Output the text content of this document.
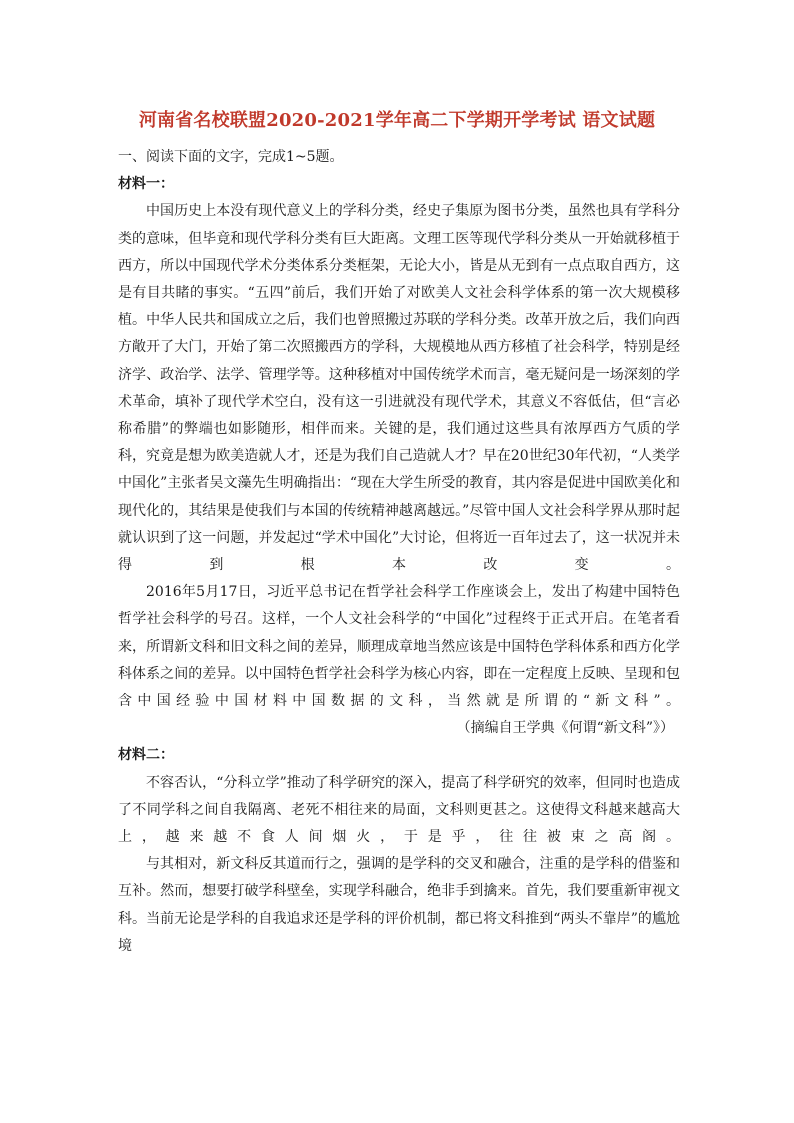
河南省名校联盟2020-2021学年高二下学期开学考试 语文试题

一、阅读下面的文字，完成1~5题。

材料一：

中国历史上本没有现代意义上的学科分类，经史子集原为图书分类，虽然也具有学科分类的意味，但毕竟和现代学科分类有巨大距离。文理工医等现代学科分类从一开始就移植于西方，所以中国现代学术分类体系分类框架，无论大小，皆是从无到有一点点取自西方，这是有目共睹的事实。“五四”前后，我们开始了对欧美人文社会科学体系的第一次大规模移植。中华人民共和国成立之后，我们也曾照搬过苏联的学科分类。改革开放之后，我们向西方敞开了大门，开始了第二次照搬西方的学科，大规模地从西方移植了社会科学，特别是经济学、政治学、法学、管理学等。这种移植对中国传统学术而言，毫无疑问是一场深刻的学术革命，填补了现代学术空白，没有这一引进就没有现代学术，其意义不容低估，但“言必称希腊”的弊端也如影随形，相伴而来。关键的是，我们通过这些具有浓厚西方气质的学科，究竟是想为欧美造就人才，还是为我们自己造就人才？早在20世纪30年代初，“人类学中国化”主张者吴文藻先生明确指出：“现在大学生所受的教育，其内容是促进中国欧美化和现代化的，其结果是使我们与本国的传统精神越离越远。”尽管中国人文社会科学界从那时起就认识到了这一问题，并发起过“学术中国化”大讨论，但将近一百年过去了，这一状况并未得到根本改变。

2016年5月17日，习近平总书记在哲学社会科学工作座谈会上，发出了构建中国特色哲学社会科学的号召。这样，一个人文社会科学的“中国化”过程终于正式开启。在笔者看来，所谓新文科和旧文科之间的差异，顺理成章地当然应该是中国特色学科体系和西方化学科体系之间的差异。以中国特色哲学社会科学为核心内容，即在一定程度上反映、呈现和包含中国经验中国材料中国数据的文科，当然就是所谓的“新文科”。

（摘编自王学典《何谓“新文科”》）

材料二：

不容否认，“分科立学”推动了科学研究的深入，提高了科学研究的效率，但同时也造成了不同学科之间自我隔离、老死不相往来的局面，文科则更甚之。这使得文科越来越高大上，越来越不食人间烟火，于是乎，往往被束之高阁。

与其相对，新文科反其道而行之，强调的是学科的交叉和融合，注重的是学科的借鉴和互补。然而，想要打破学科壁垒，实现学科融合，绝非手到擒来。首先，我们要重新审视文科。当前无论是学科的自我追求还是学科的评价机制，都已将文科推到“两头不靠岸”的尴尬境
